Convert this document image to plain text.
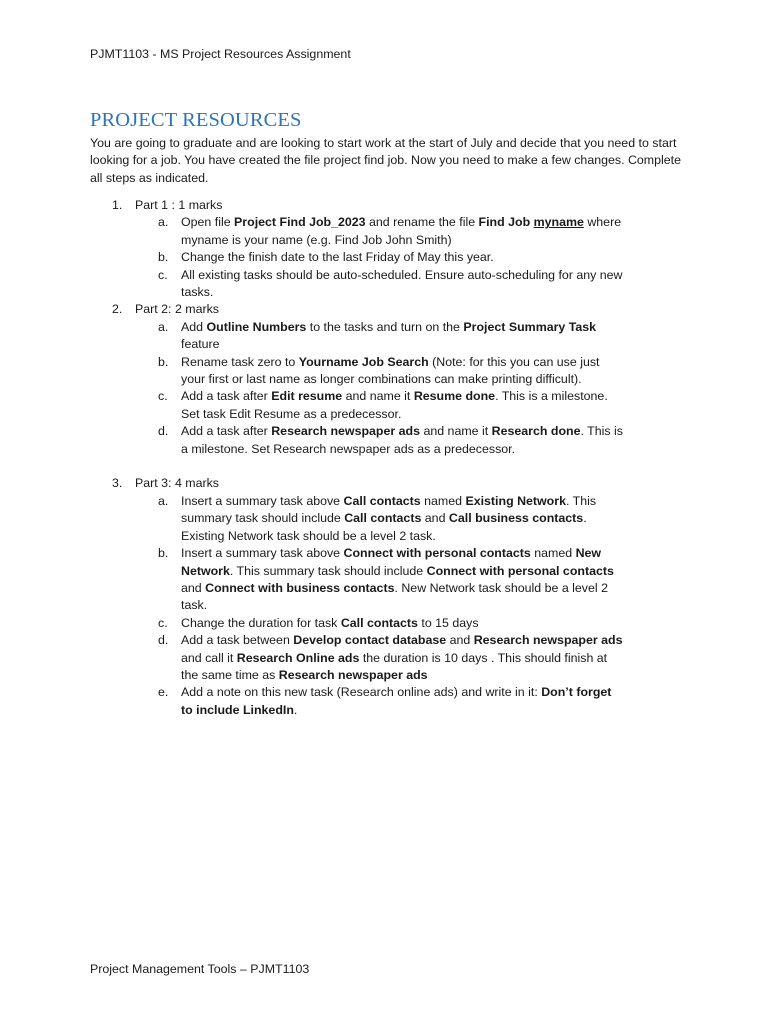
PJMT1103 - MS Project Resources Assignment
PROJECT RESOURCES
You are going to graduate and are looking to start work at the start of July and decide that you need to start looking for a job. You have created the file project find job. Now you need to make a few changes. Complete all steps as indicated.
1. Part 1 : 1 marks
a. Open file Project Find Job_2023 and rename the file Find Job myname where myname is your name (e.g. Find Job John Smith)
b. Change the finish date to the last Friday of May this year.
c. All existing tasks should be auto-scheduled. Ensure auto-scheduling for any new tasks.
2. Part 2: 2 marks
a. Add Outline Numbers to the tasks and turn on the Project Summary Task feature
b. Rename task zero to Yourname Job Search (Note: for this you can use just your first or last name as longer combinations can make printing difficult).
c. Add a task after Edit resume and name it Resume done. This is a milestone. Set task Edit Resume as a predecessor.
d. Add a task after Research newspaper ads and name it Research done. This is a milestone. Set Research newspaper ads as a predecessor.
3. Part 3: 4 marks
a. Insert a summary task above Call contacts named Existing Network. This summary task should include Call contacts and Call business contacts. Existing Network task should be a level 2 task.
b. Insert a summary task above Connect with personal contacts named New Network. This summary task should include Connect with personal contacts and Connect with business contacts. New Network task should be a level 2 task.
c. Change the duration for task Call contacts to 15 days
d. Add a task between Develop contact database and Research newspaper ads and call it Research Online ads the duration is 10 days . This should finish at the same time as Research newspaper ads
e. Add a note on this new task (Research online ads) and write in it: Don’t forget to include LinkedIn.
Project Management Tools – PJMT1103
